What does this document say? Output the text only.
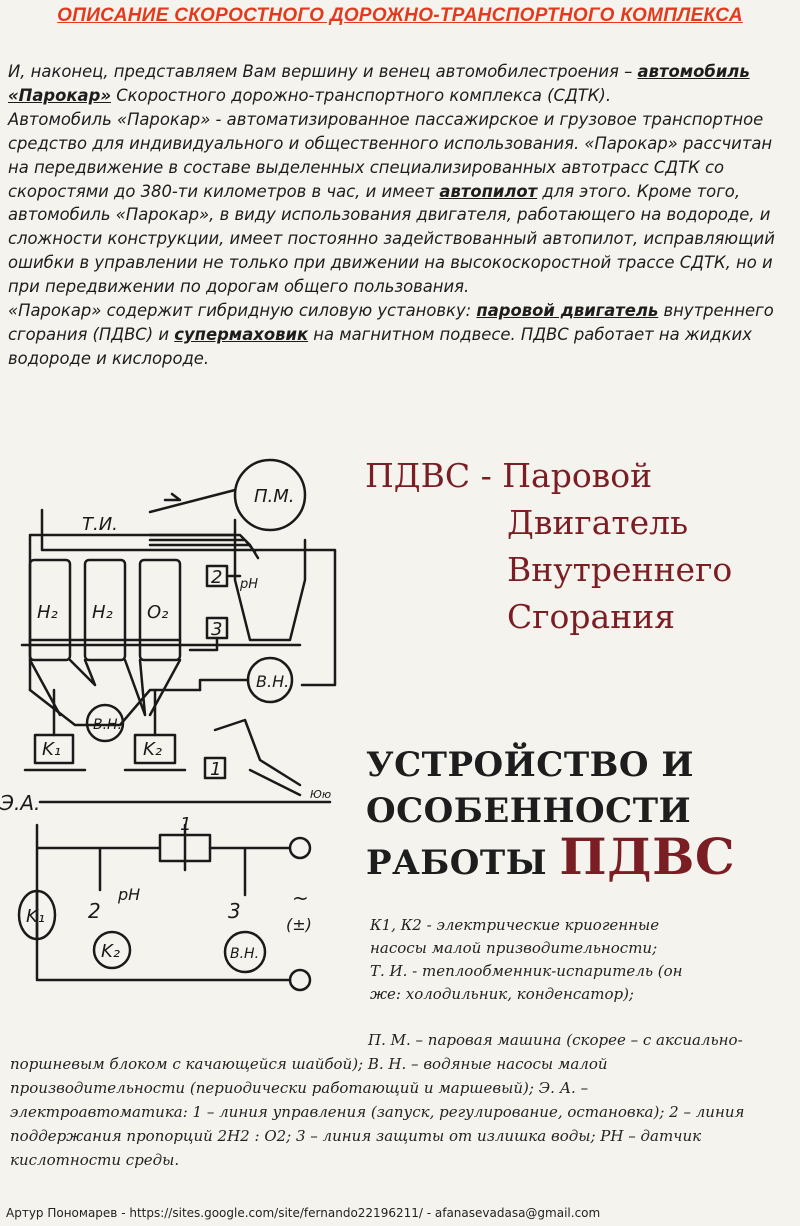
ОПИСАНИЕ СКОРОСТНОГО ДОРОЖНО-ТРАНСПОРТНОГО КОМПЛЕКСА

И, наконец, представляем Вам вершину и венец автомобилестроения – автомобиль «Парокар» Скоростного дорожно-транспортного комплекса (СДТК).

Автомобиль «Парокар» - автоматизированное пассажирское и грузовое транспортное средство для индивидуального и общественного использования. «Парокар» рассчитан на передвижение в составе выделенных специализированных автотрасс СДТК со скоростями до 380-ти километров в час, и имеет автопилот для этого. Кроме того, автомобиль «Парокар», в виду использования двигателя, работающего на водороде, и сложности конструкции, имеет постоянно задействованный автопилот, исправляющий ошибки в управлении не только при движении на высокоскоростной трассе СДТК, но и при передвижении по дорогам общего пользования.

«Парокар» содержит гибридную силовую установку: паровой двигатель внутреннего сгорания (ПДВС) и супермаховик на магнитном подвесе. ПДВС работает на жидких водороде и кислороде.

П.М.
Т.И.
H₂ H₂ O₂
2
3
pH
В.Н.
В.Н.
K₁	K₂
1
Э.А.	Юю
1
2
pH
3
K₁
K₂	В.Н.
~
(±)
ПДВС - Паровой
Двигатель
Внутреннего
Сгорания
УСТРОЙСТВО И
ОСОБЕННОСТИ
РАБОТЫ ПДВС
К1, К2 - электрические криогенные
насосы малой призводительности;
Т. И. - теплообменник-испаритель (он
же: холодильник, конденсатор);
П. М. – паровая машина (скорее – с аксиально-
поршневым блоком с качающейся шайбой); В. Н. – водяные насосы малой
производительности (периодически работающий и маршевый); Э. А. –
электроавтоматика: 1 – линия управления (запуск, регулирование, остановка); 2 – линия
поддержания пропорций 2Н2 : О2; 3 – линия защиты от излишка воды; РН – датчик
кислотности среды.
Артур Пономарев - https://sites.google.com/site/fernando22196211/ - afanasevadasa@gmail.com
